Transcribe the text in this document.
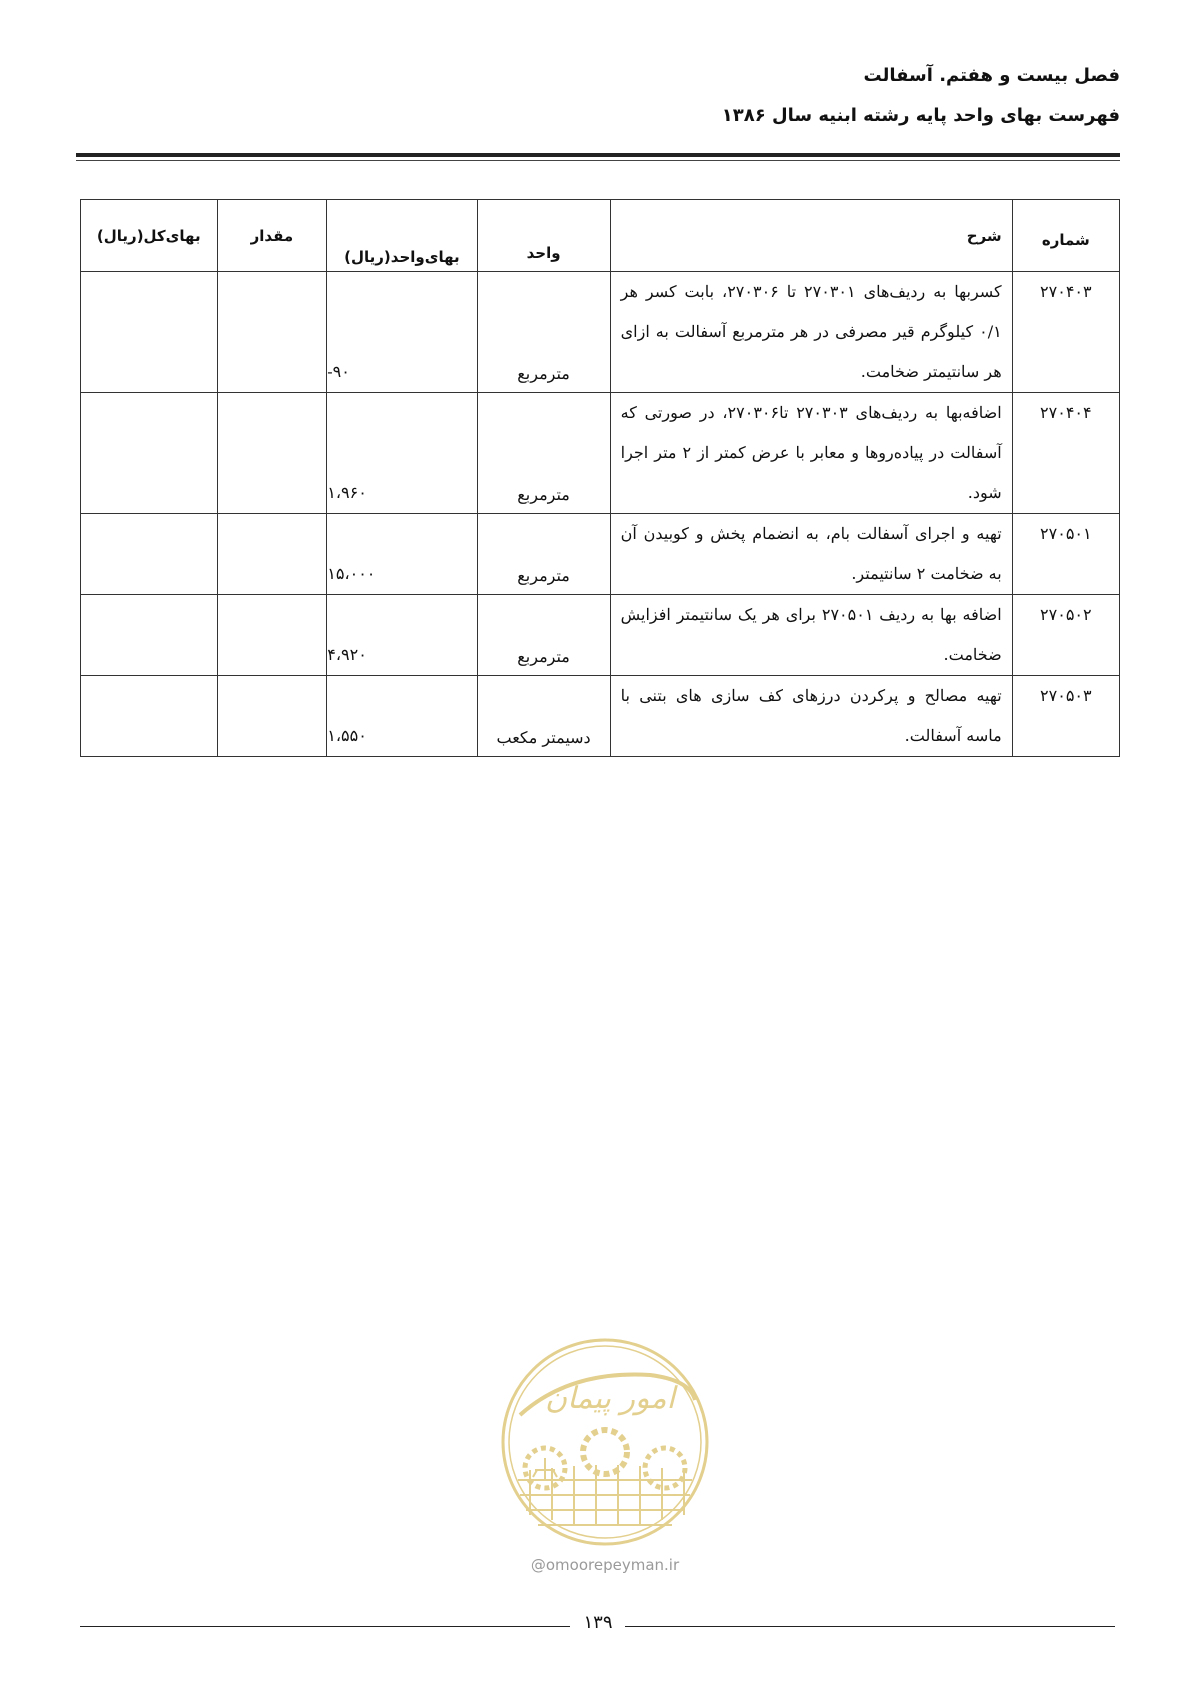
فصل بیست و هفتم. آسفالت
فهرست بهای واحد پایه رشته ابنیه سال ۱۳۸۶
شماره	شرح	واحد	بهای‌واحد(ریال)	مقدار	بهای‌کل(ریال)
۲۷۰۴۰۳	کسربها به ردیف‌های ۲۷۰۳۰۱ تا ۲۷۰۳۰۶، بابت کسر هر ۰/۱ کیلوگرم قیر مصرفی در هر مترمربع آسفالت به ازای هر سانتیمتر ضخامت.	مترمربع	-۹۰		
۲۷۰۴۰۴	اضافه‌بها به ردیف‌های ۲۷۰۳۰۳ تا۲۷۰۳۰۶، در صورتی که آسفالت در پیاده‌روها و معابر با عرض کمتر از ۲ متر اجرا شود.	مترمربع	۱،۹۶۰		
۲۷۰۵۰۱	تهیه و اجرای آسفالت بام، به انضمام پخش و کوبیدن آن به ضخامت ۲ سانتیمتر.	مترمربع	۱۵،۰۰۰		
۲۷۰۵۰۲	اضافه بها به ردیف ۲۷۰۵۰۱ برای هر یک سانتیمتر افزایش ضخامت.	مترمربع	۴،۹۲۰		
۲۷۰۵۰۳	تهیه مصالح و پرکردن درزهای کف سازی های بتنی با ماسه آسفالت.	دسیمتر مکعب	۱،۵۵۰		
امور پیمان
@omoorepeyman.ir
۱۳۹
